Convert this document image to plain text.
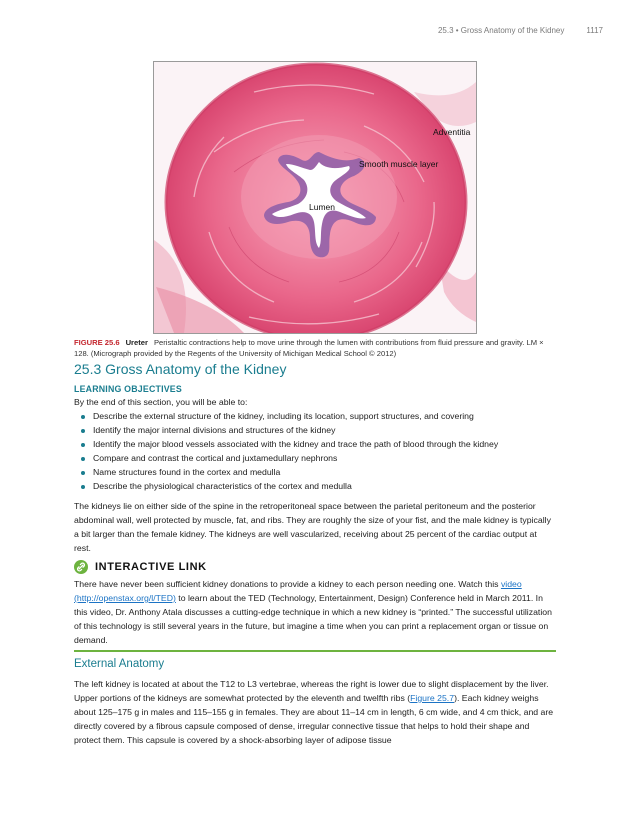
25.3 • Gross Anatomy of the Kidney	1117
Adventitia
Smooth muscle layer
Lumen
FIGURE 25.6 Ureter Peristaltic contractions help to move urine through the lumen with contributions from fluid pressure and gravity. LM × 128. (Micrograph provided by the Regents of the University of Michigan Medical School © 2012)
25.3 Gross Anatomy of the Kidney
LEARNING OBJECTIVES

By the end of this section, you will be able to:

Describe the external structure of the kidney, including its location, support structures, and covering
Identify the major internal divisions and structures of the kidney
Identify the major blood vessels associated with the kidney and trace the path of blood through the kidney
Compare and contrast the cortical and juxtamedullary nephrons
Name structures found in the cortex and medulla
Describe the physiological characteristics of the cortex and medulla

The kidneys lie on either side of the spine in the retroperitoneal space between the parietal peritoneum and the posterior abdominal wall, well protected by muscle, fat, and ribs. They are roughly the size of your fist, and the male kidney is typically a bit larger than the female kidney. The kidneys are well vascularized, receiving about 25 percent of the cardiac output at rest.

INTERACTIVE LINK

There have never been sufficient kidney donations to provide a kidney to each person needing one. Watch this video (http://openstax.org/l/TED) to learn about the TED (Technology, Entertainment, Design) Conference held in March 2011. In this video, Dr. Anthony Atala discusses a cutting-edge technique in which a new kidney is “printed.” The successful utilization of this technology is still several years in the future, but imagine a time when you can print a replacement organ or tissue on demand.

External Anatomy

The left kidney is located at about the T12 to L3 vertebrae, whereas the right is lower due to slight displacement by the liver. Upper portions of the kidneys are somewhat protected by the eleventh and twelfth ribs (Figure 25.7). Each kidney weighs about 125–175 g in males and 115–155 g in females. They are about 11–14 cm in length, 6 cm wide, and 4 cm thick, and are directly covered by a fibrous capsule composed of dense, irregular connective tissue that helps to hold their shape and protect them. This capsule is covered by a shock-absorbing layer of adipose tissue
